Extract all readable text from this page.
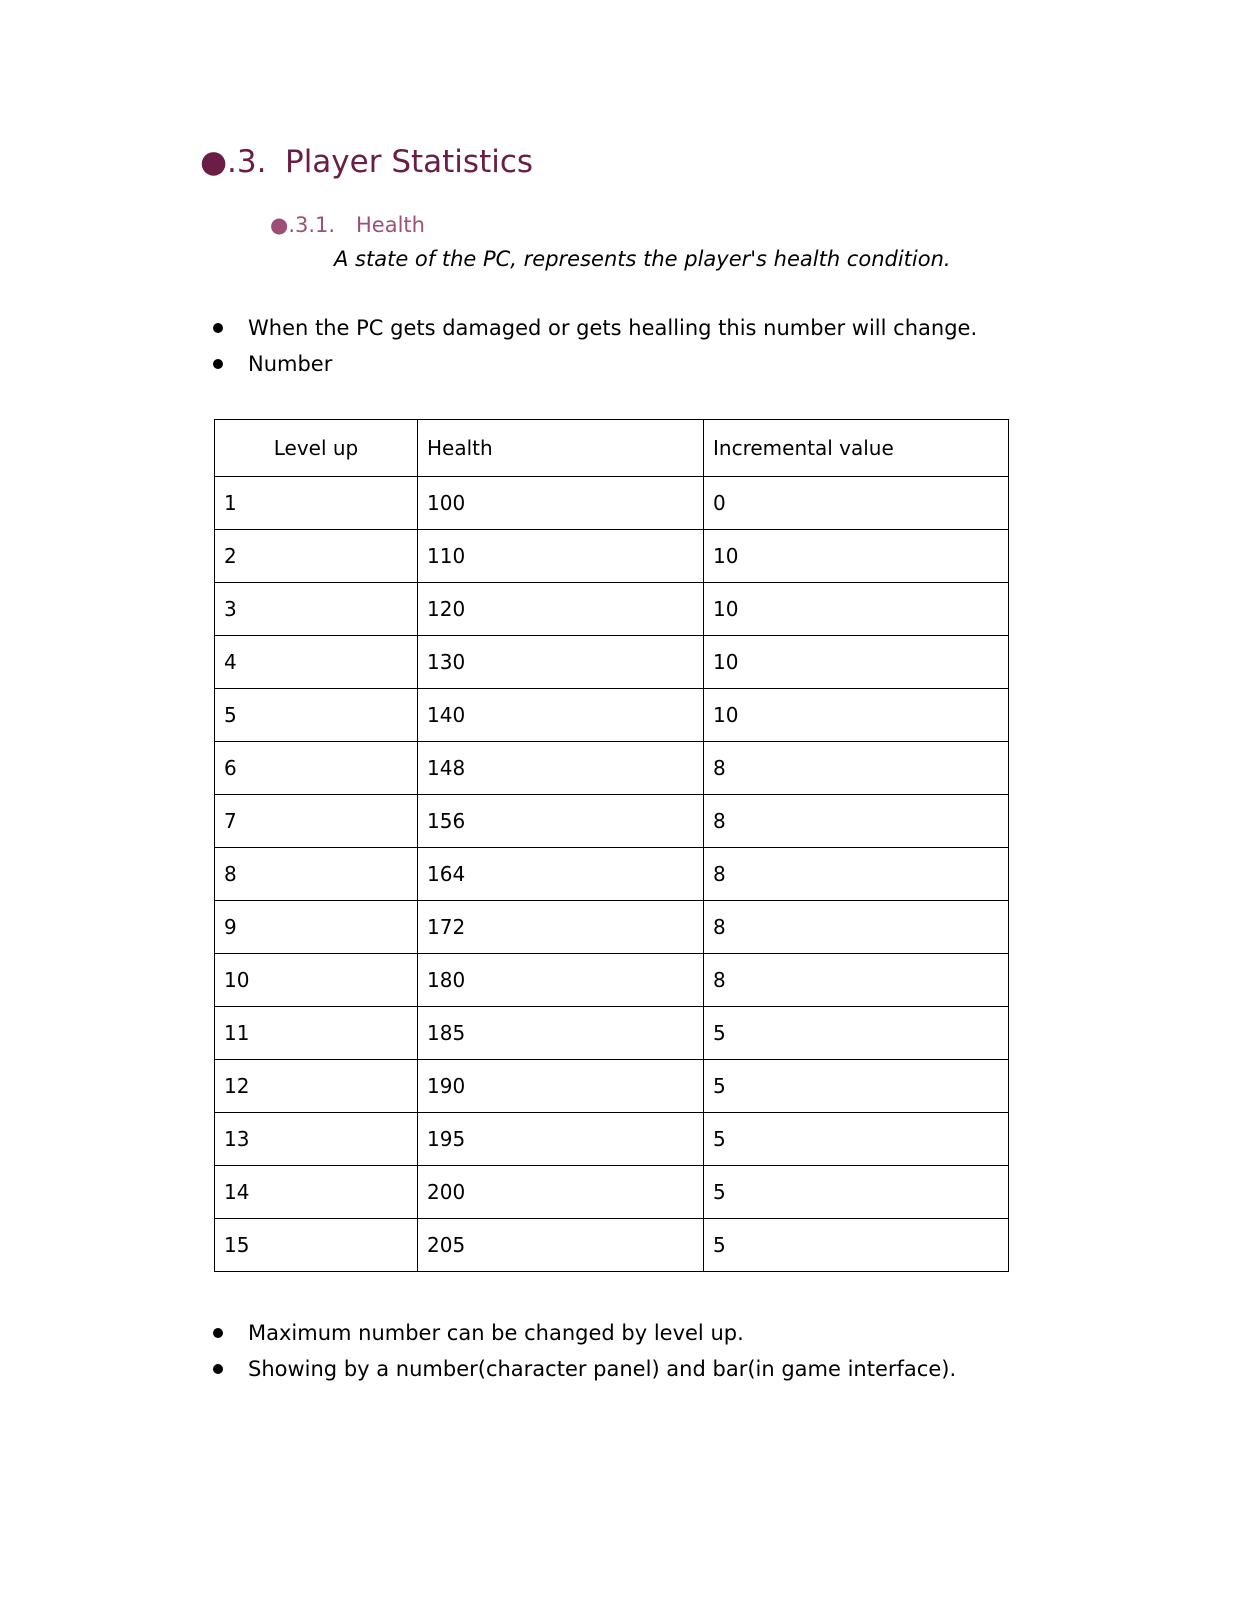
●.3. Player Statistics
●.3.1. Health
A state of the PC, represents the player's health condition.
When the PC gets damaged or gets healling this number will change.
Number
Level up	Health	Incremental value
1	100	0
2	110	10
3	120	10
4	130	10
5	140	10
6	148	8
7	156	8
8	164	8
9	172	8
10	180	8
11	185	5
12	190	5
13	195	5
14	200	5
15	205	5
Maximum number can be changed by level up.
Showing by a number(character panel) and bar(in game interface).
